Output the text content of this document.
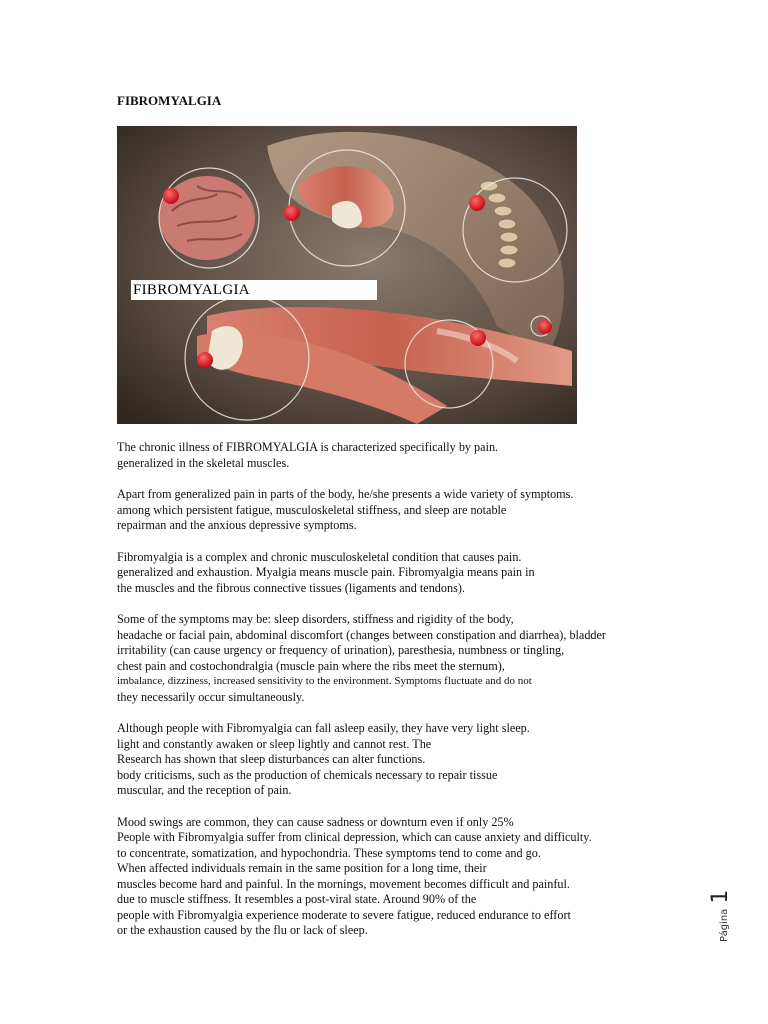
FIBROMYALGIA
FIBROMYALGIA

The chronic illness of FIBROMYALGIA is characterized specifically by pain.
generalized in the skeletal muscles.

Apart from generalized pain in parts of the body, he/she presents a wide variety of symptoms.
among which persistent fatigue, musculoskeletal stiffness, and sleep are notable
repairman and the anxious depressive symptoms.

Fibromyalgia is a complex and chronic musculoskeletal condition that causes pain.
generalized and exhaustion. Myalgia means muscle pain. Fibromyalgia means pain in
the muscles and the fibrous connective tissues (ligaments and tendons).

Some of the symptoms may be: sleep disorders, stiffness and rigidity of the body,
headache or facial pain, abdominal discomfort (changes between constipation and diarrhea), bladder
irritability (can cause urgency or frequency of urination), paresthesia, numbness or tingling,
chest pain and costochondralgia (muscle pain where the ribs meet the sternum),
imbalance, dizziness, increased sensitivity to the environment. Symptoms fluctuate and do not
they necessarily occur simultaneously.

Although people with Fibromyalgia can fall asleep easily, they have very light sleep.
light and constantly awaken or sleep lightly and cannot rest. The
Research has shown that sleep disturbances can alter functions.
body criticisms, such as the production of chemicals necessary to repair tissue
muscular, and the reception of pain.

Mood swings are common, they can cause sadness or downturn even if only 25%
People with Fibromyalgia suffer from clinical depression, which can cause anxiety and difficulty.
to concentrate, somatization, and hypochondria. These symptoms tend to come and go.
When affected individuals remain in the same position for a long time, their
muscles become hard and painful. In the mornings, movement becomes difficult and painful.
due to muscle stiffness. It resembles a post-viral state. Around 90% of the
people with Fibromyalgia experience moderate to severe fatigue, reduced endurance to effort
or the exhaustion caused by the flu or lack of sleep.	Página 1
